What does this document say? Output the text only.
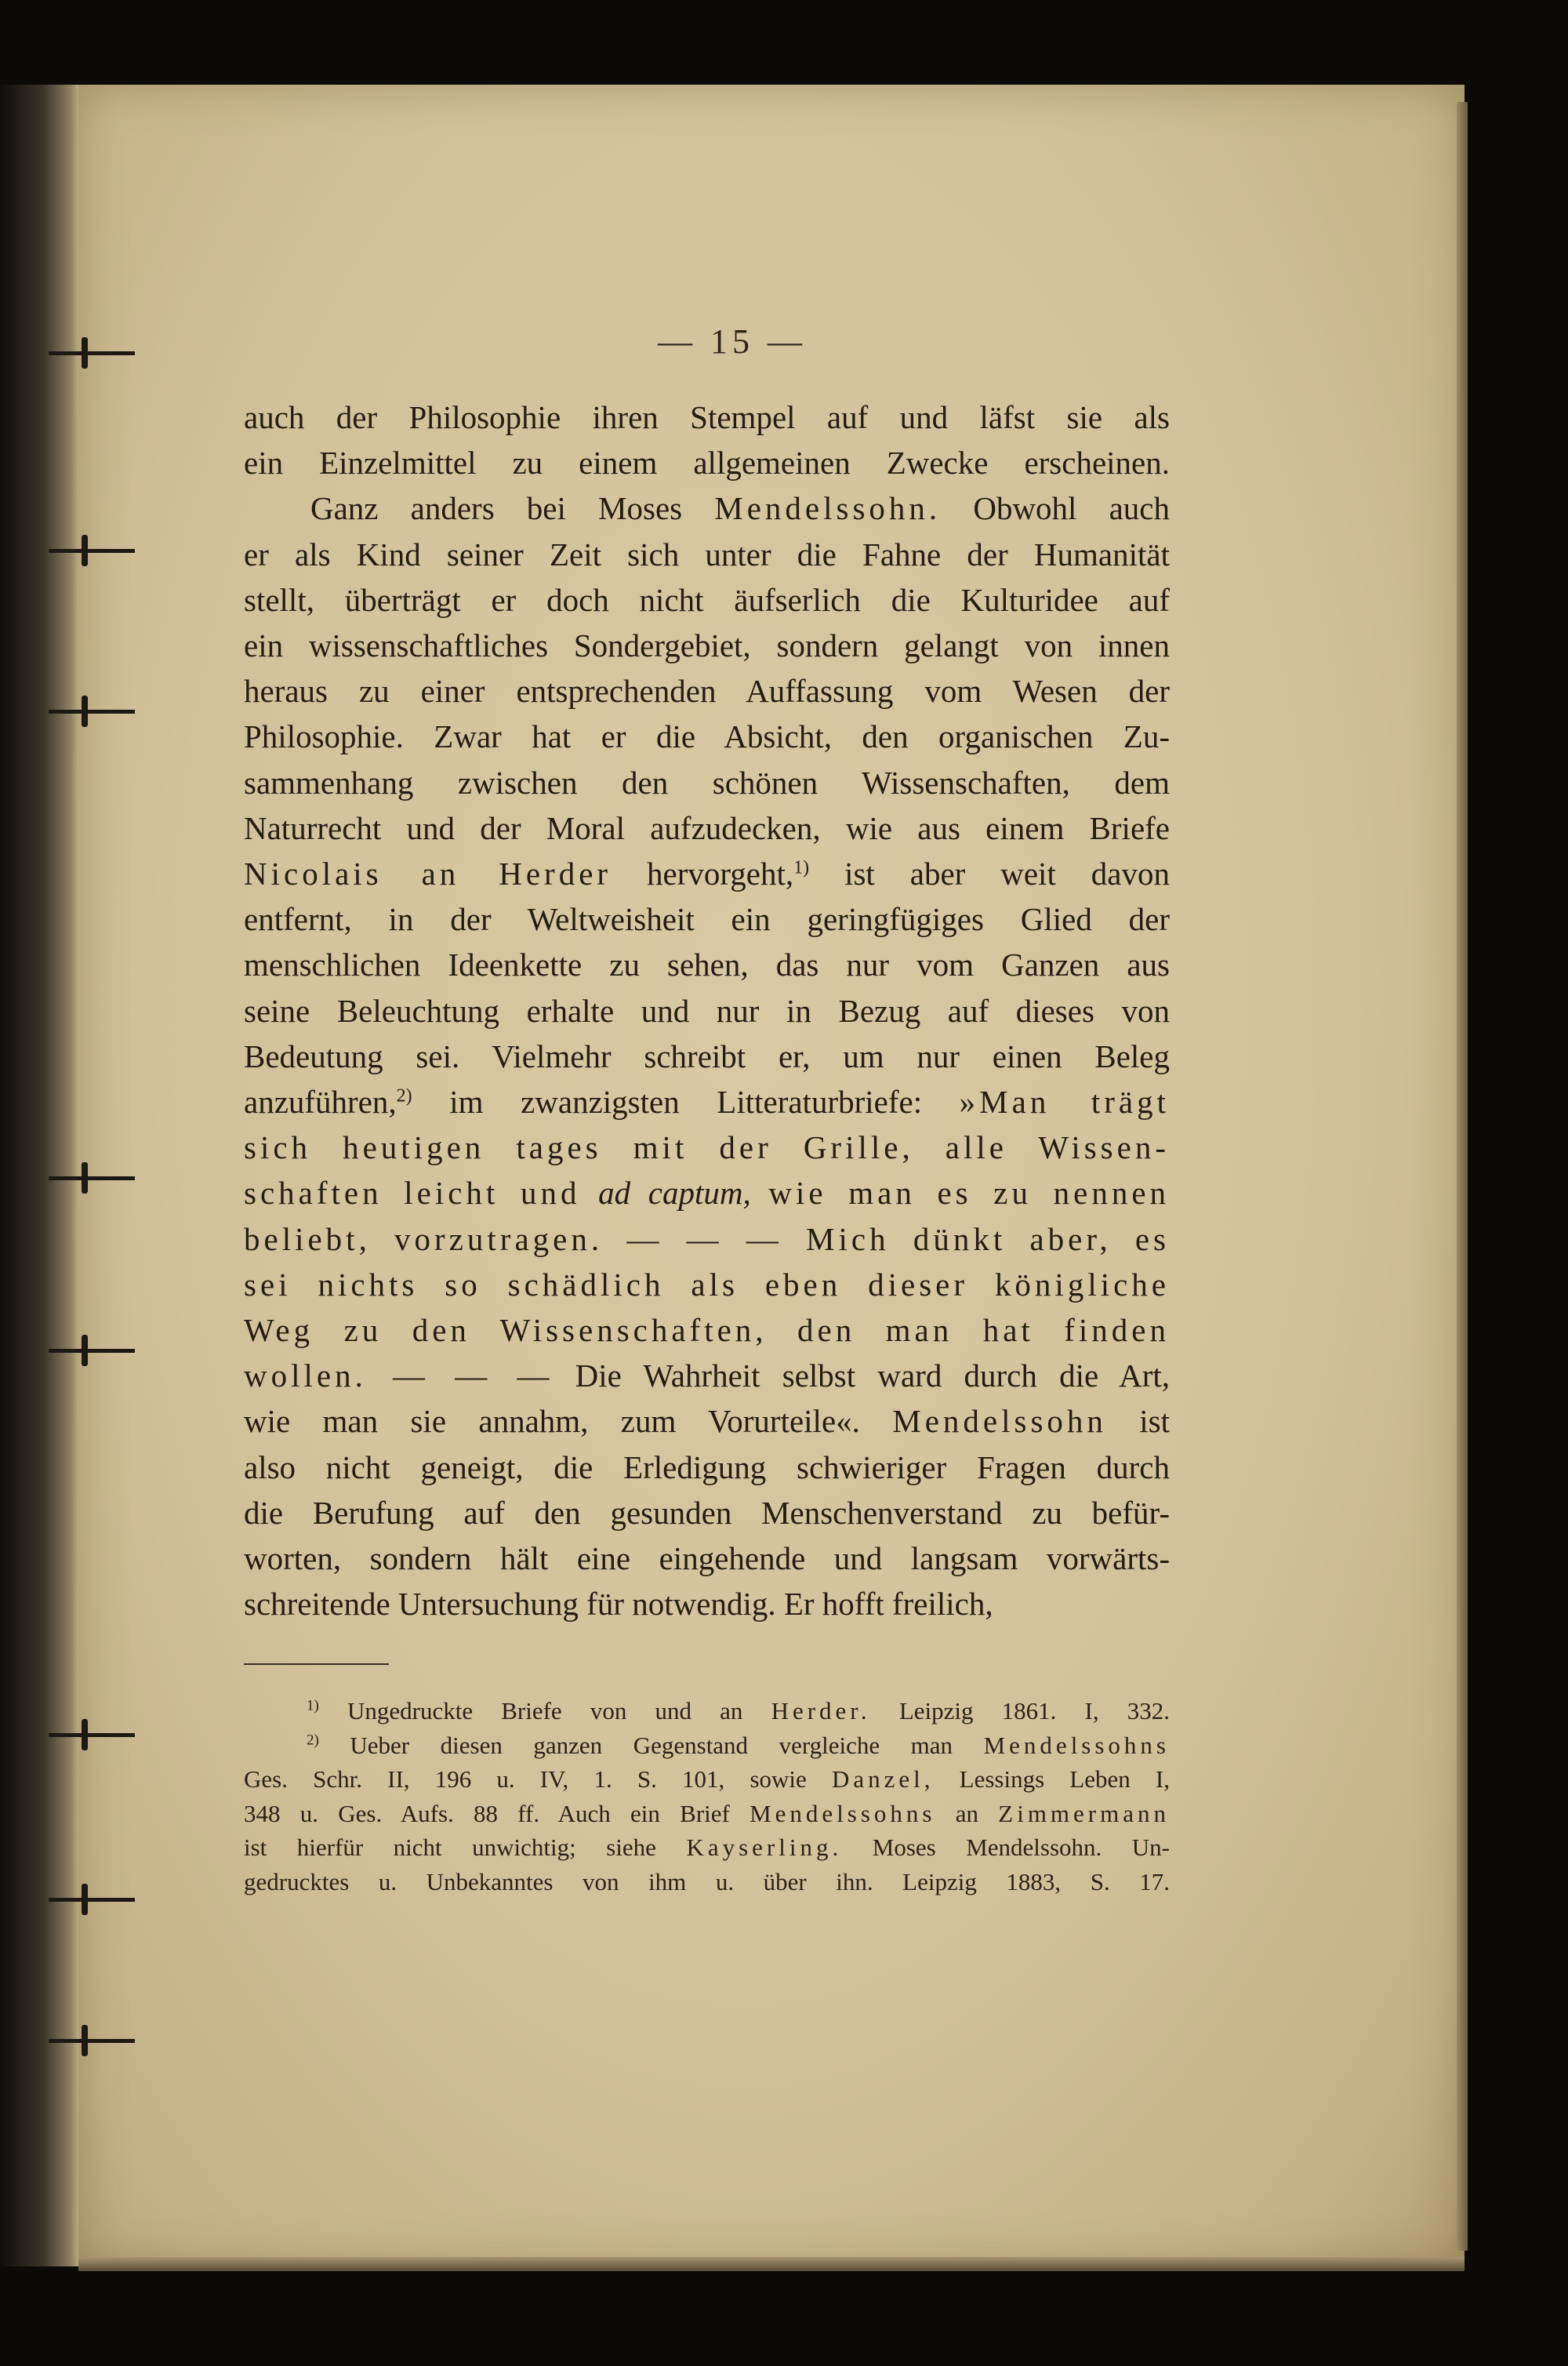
— 15 —
auch der Philosophie ihren Stempel auf und läfst sie als
ein Einzelmittel zu einem allgemeinen Zwecke erscheinen.
Ganz anders bei Moses Mendelssohn. Obwohl auch
er als Kind seiner Zeit sich unter die Fahne der Humanität
stellt, überträgt er doch nicht äufserlich die Kulturidee auf
ein wissenschaftliches Sondergebiet, sondern gelangt von innen
heraus zu einer entsprechenden Auffassung vom Wesen der
Philosophie. Zwar hat er die Absicht, den organischen Zu-
sammenhang zwischen den schönen Wissenschaften, dem
Naturrecht und der Moral aufzudecken, wie aus einem Briefe
Nicolais an Herder hervorgeht,$^{1)}$ ist aber weit davon
entfernt, in der Weltweisheit ein geringfügiges Glied der
menschlichen Ideenkette zu sehen, das nur vom Ganzen aus
seine Beleuchtung erhalte und nur in Bezug auf dieses von
Bedeutung sei. Vielmehr schreibt er, um nur einen Beleg
anzuführen,$^{2)}$ im zwanzigsten Litteraturbriefe: »Man trägt
sich heutigen tages mit der Grille, alle Wissen-
schaften leicht und ad captum, wie man es zu nennen
beliebt, vorzutragen. — — — Mich dünkt aber, es
sei nichts so schädlich als eben dieser königliche
Weg zu den Wissenschaften, den man hat finden
wollen. — — — Die Wahrheit selbst ward durch die Art,
wie man sie annahm, zum Vorurteile«. Mendelssohn ist
also nicht geneigt, die Erledigung schwieriger Fragen durch
die Berufung auf den gesunden Menschenverstand zu befür-
worten, sondern hält eine eingehende und langsam vorwärts-
schreitende Untersuchung für notwendig. Er hofft freilich,
$^{1)}$ Ungedruckte Briefe von und an Herder. Leipzig 1861. I, 332.
$^{2)}$ Ueber diesen ganzen Gegenstand vergleiche man Mendelssohns
Ges. Schr. II, 196 u. IV, 1. S. 101, sowie Danzel, Lessings Leben I,
348 u. Ges. Aufs. 88 ff. Auch ein Brief Mendelssohns an Zimmermann
ist hierfür nicht unwichtig; siehe Kayserling. Moses Mendelssohn. Un-
gedrucktes u. Unbekanntes von ihm u. über ihn. Leipzig 1883, S. 17.
